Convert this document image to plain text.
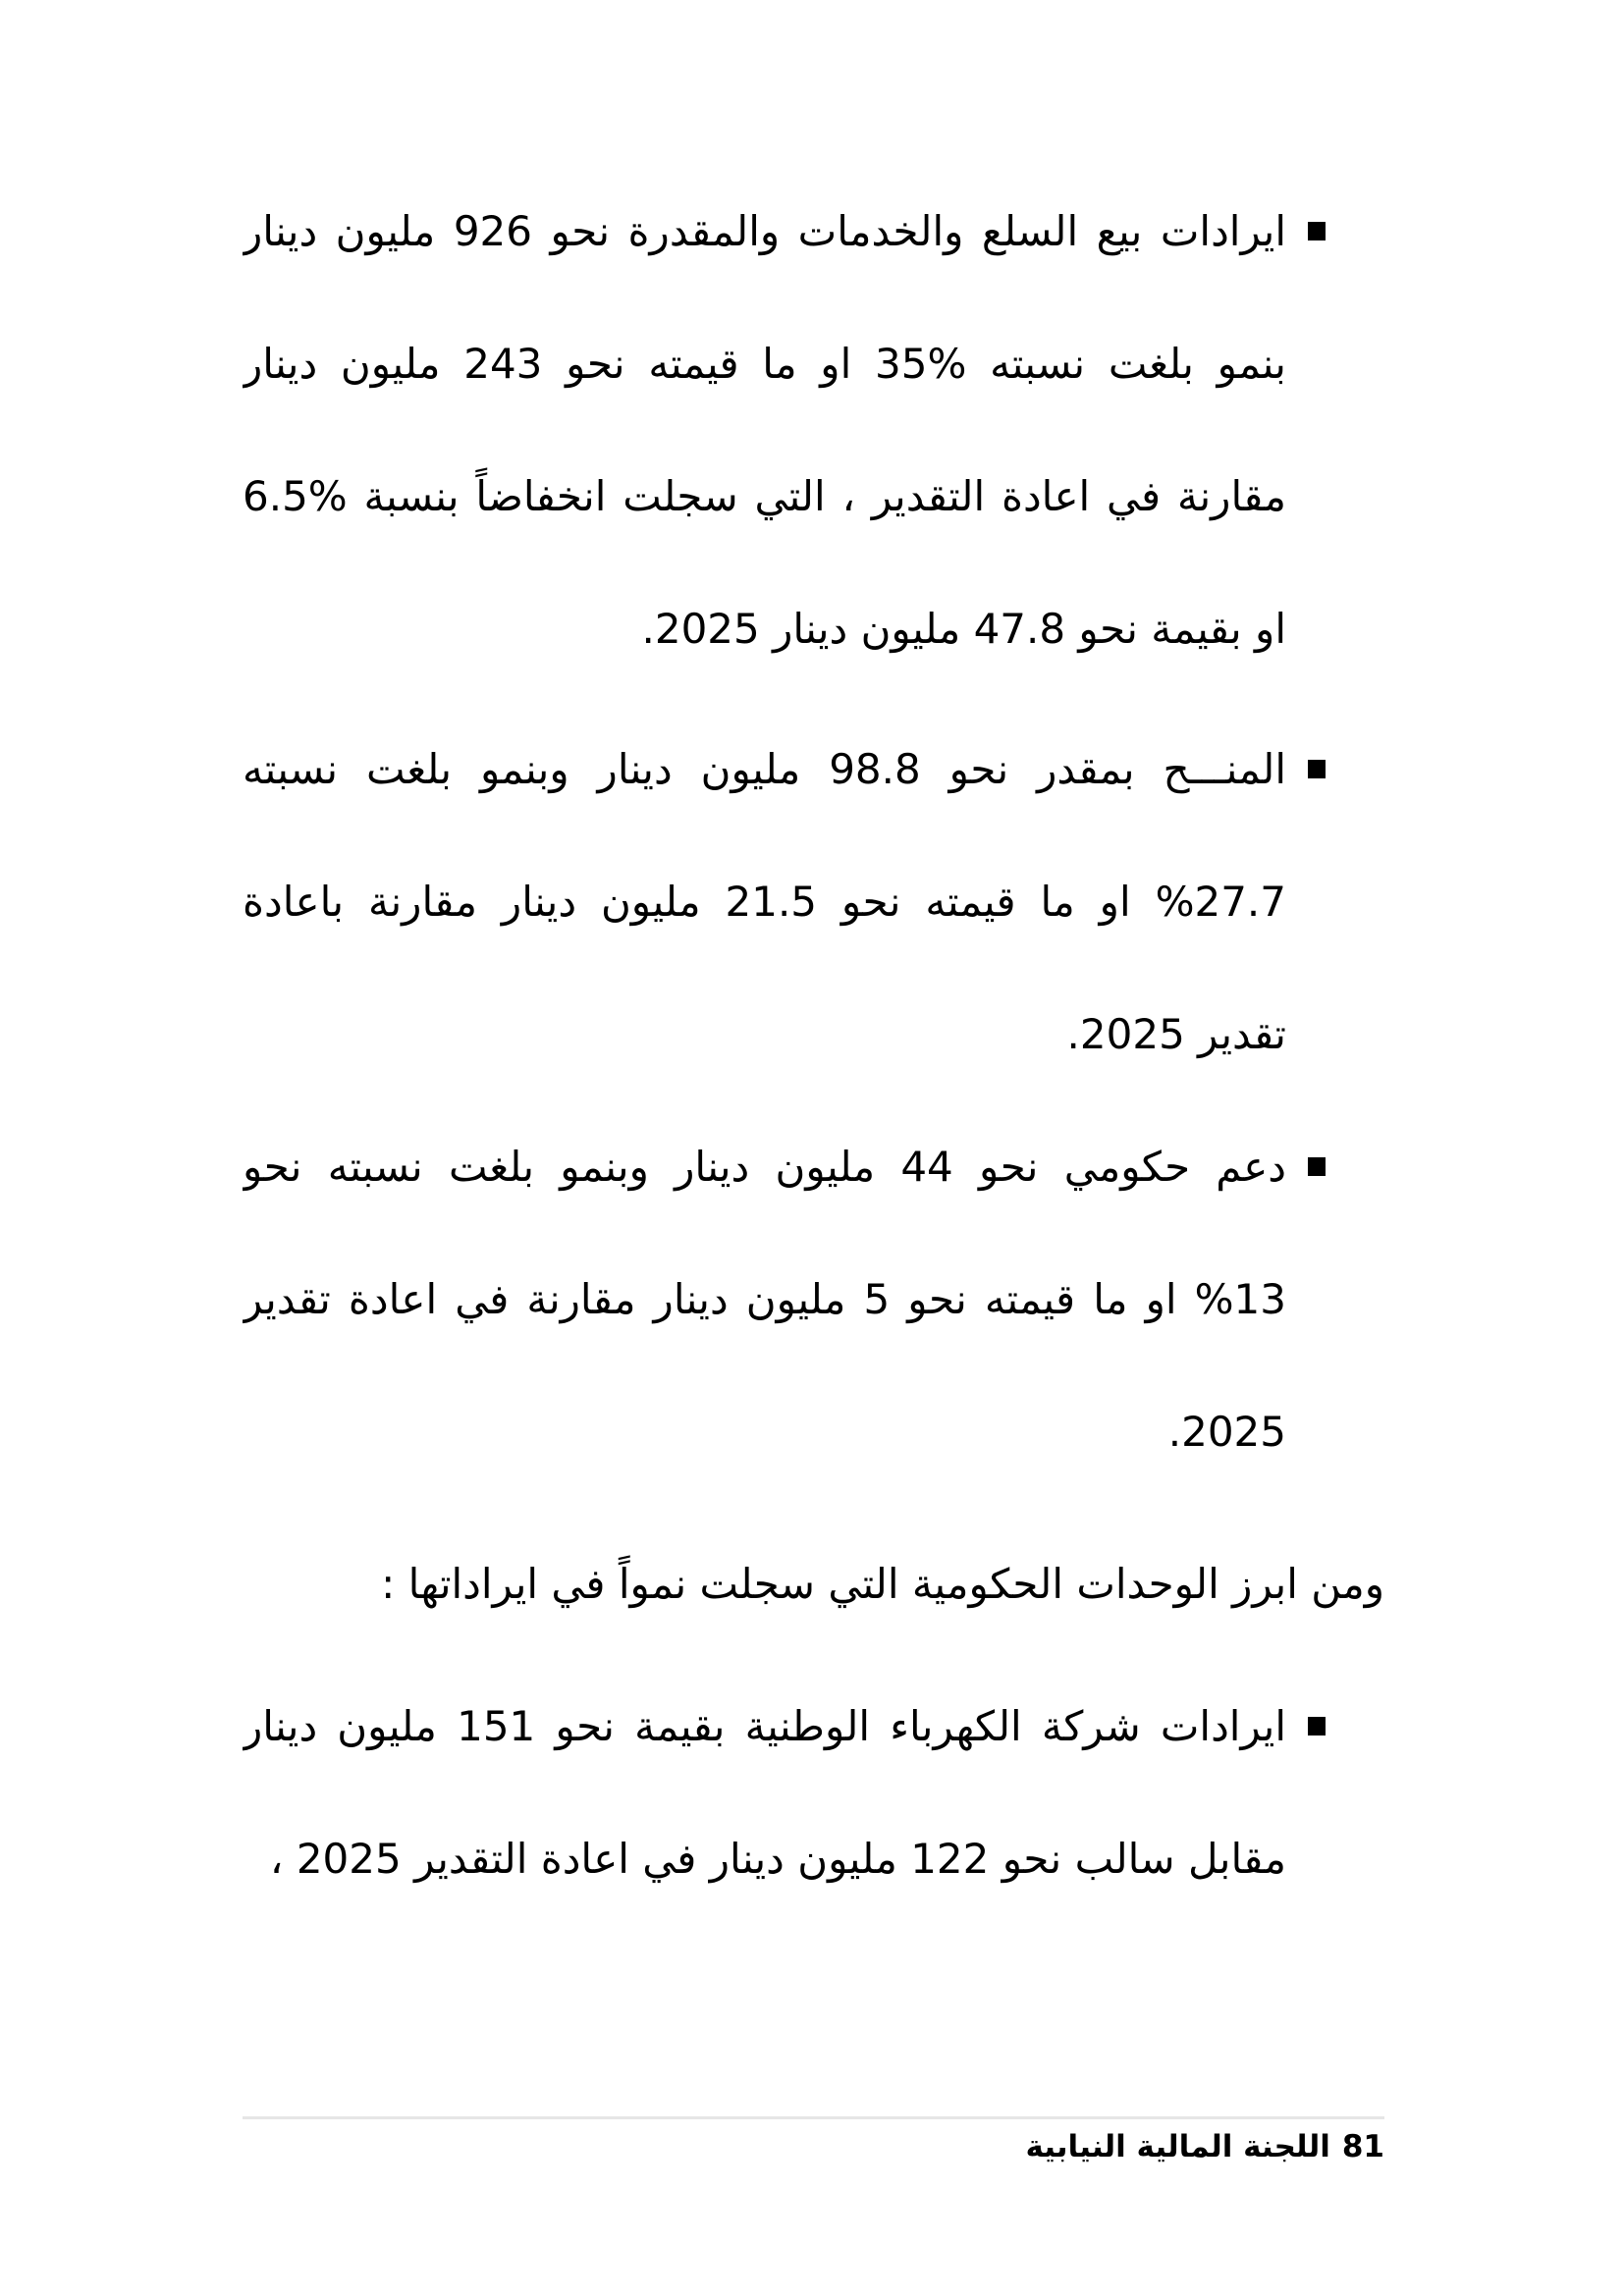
ايرادات بيع السلع والخدمات والمقدرة نحو 926 مليون دينار
بنمو بلغت نسبته %35 او ما قيمته نحو 243 مليون دينار
مقارنة في اعادة التقدير ، التي سجلت انخفاضاً بنسبة %6.5
او بقيمة نحو 47.8 مليون دينار 2025.
المنـــح بمقدر نحو 98.8 مليون دينار وبنمو بلغت نسبته
%27.7 او ما قيمته نحو 21.5 مليون دينار مقارنة باعادة
تقدير 2025.
دعم حكومي نحو 44 مليون دينار وبنمو بلغت نسبته نحو
%13 او ما قيمته نحو 5 مليون دينار مقارنة في اعادة تقدير
2025.

ومن ابرز الوحدات الحكومية التي سجلت نمواً في ايراداتها :

ايرادات شركة الكهرباء الوطنية بقيمة نحو 151 مليون دينار
مقابل سالب نحو 122 مليون دينار في اعادة التقدير 2025 ،
81
اللجنة المالية النيابية
